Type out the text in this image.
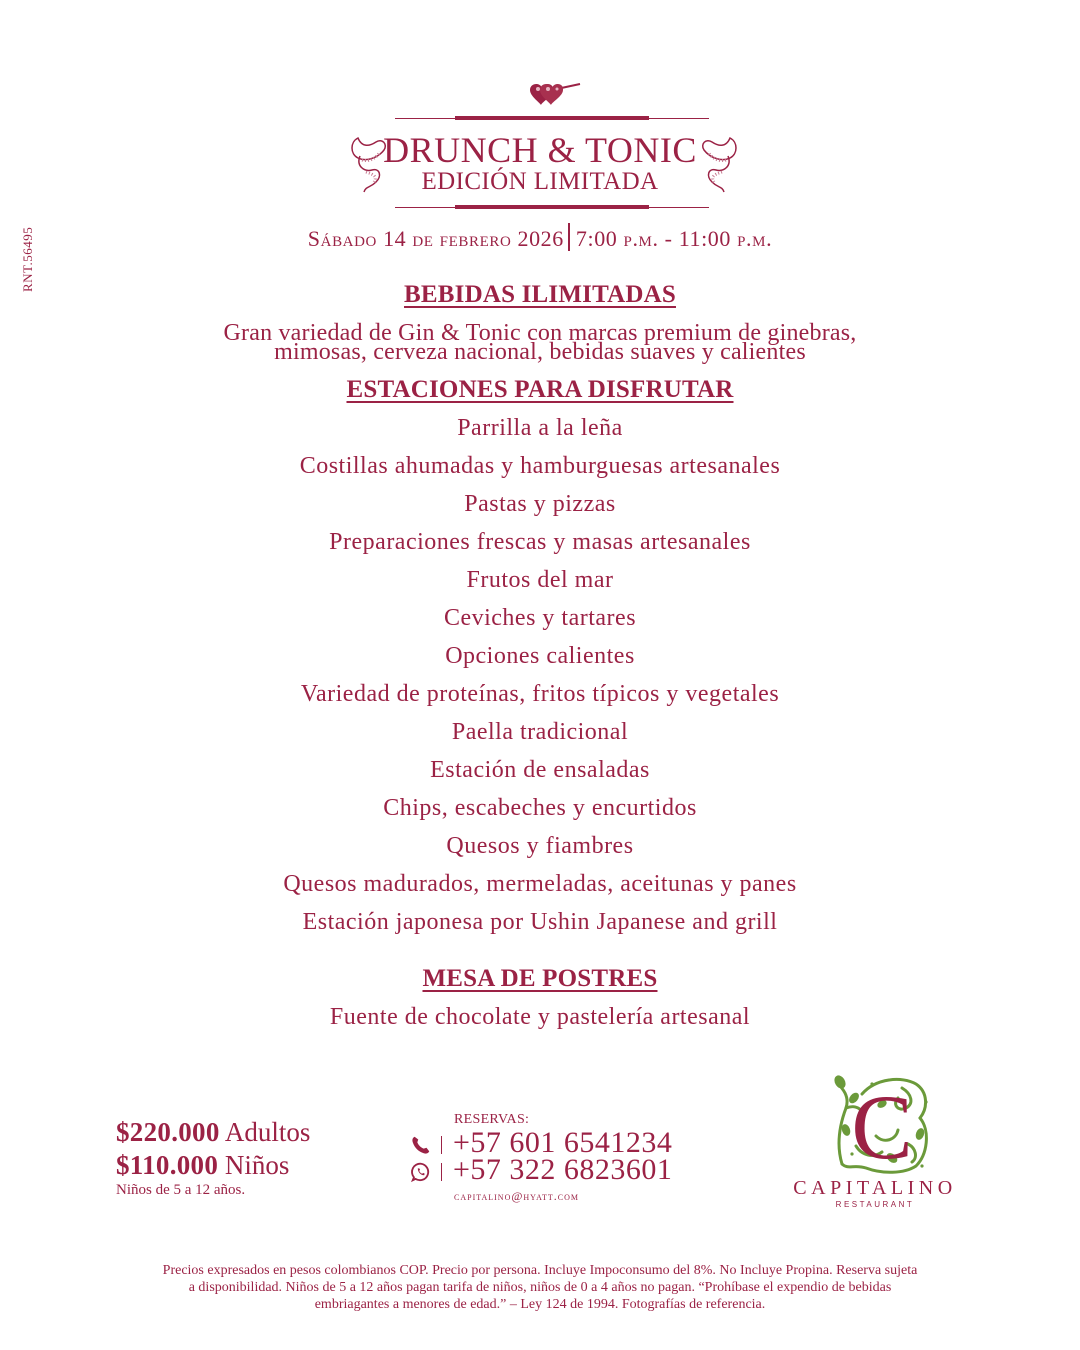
RNT.56495
DRUNCH & TONIC
EDICIÓN LIMITADA
Sábado 14 de febrero 2026 7:00 p.m. - 11:00 p.m.
BEBIDAS ILIMITADAS
Gran variedad de Gin & Tonic con marcas premium de ginebras,
mimosas, cerveza nacional, bebidas suaves y calientes
ESTACIONES PARA DISFRUTAR
Parrilla a la leña
Costillas ahumadas y hamburguesas artesanales
Pastas y pizzas
Preparaciones frescas y masas artesanales
Frutos del mar
Ceviches y tartares
Opciones calientes
Variedad de proteínas, fritos típicos y vegetales
Paella tradicional
Estación de ensaladas
Chips, escabeches y encurtidos
Quesos y fiambres
Quesos madurados, mermeladas, aceitunas y panes
Estación japonesa por Ushin Japanese and grill
MESA DE POSTRES
Fuente de chocolate y pastelería artesanal
$220.000 Adultos
$110.000 Niños
Niños de 5 a 12 años.
RESERVAS:
+57 601 6541234
+57 322 6823601
capitalino@hyatt.com
C
CAPITALINO
RESTAURANT
Precios expresados en pesos colombianos COP. Precio por persona. Incluye Impoconsumo del 8%. No Incluye Propina. Reserva sujeta
a disponibilidad. Niños de 5 a 12 años pagan tarifa de niños, niños de 0 a 4 años no pagan. “Prohíbase el expendio de bebidas
embriagantes a menores de edad.” – Ley 124 de 1994. Fotografías de referencia.
